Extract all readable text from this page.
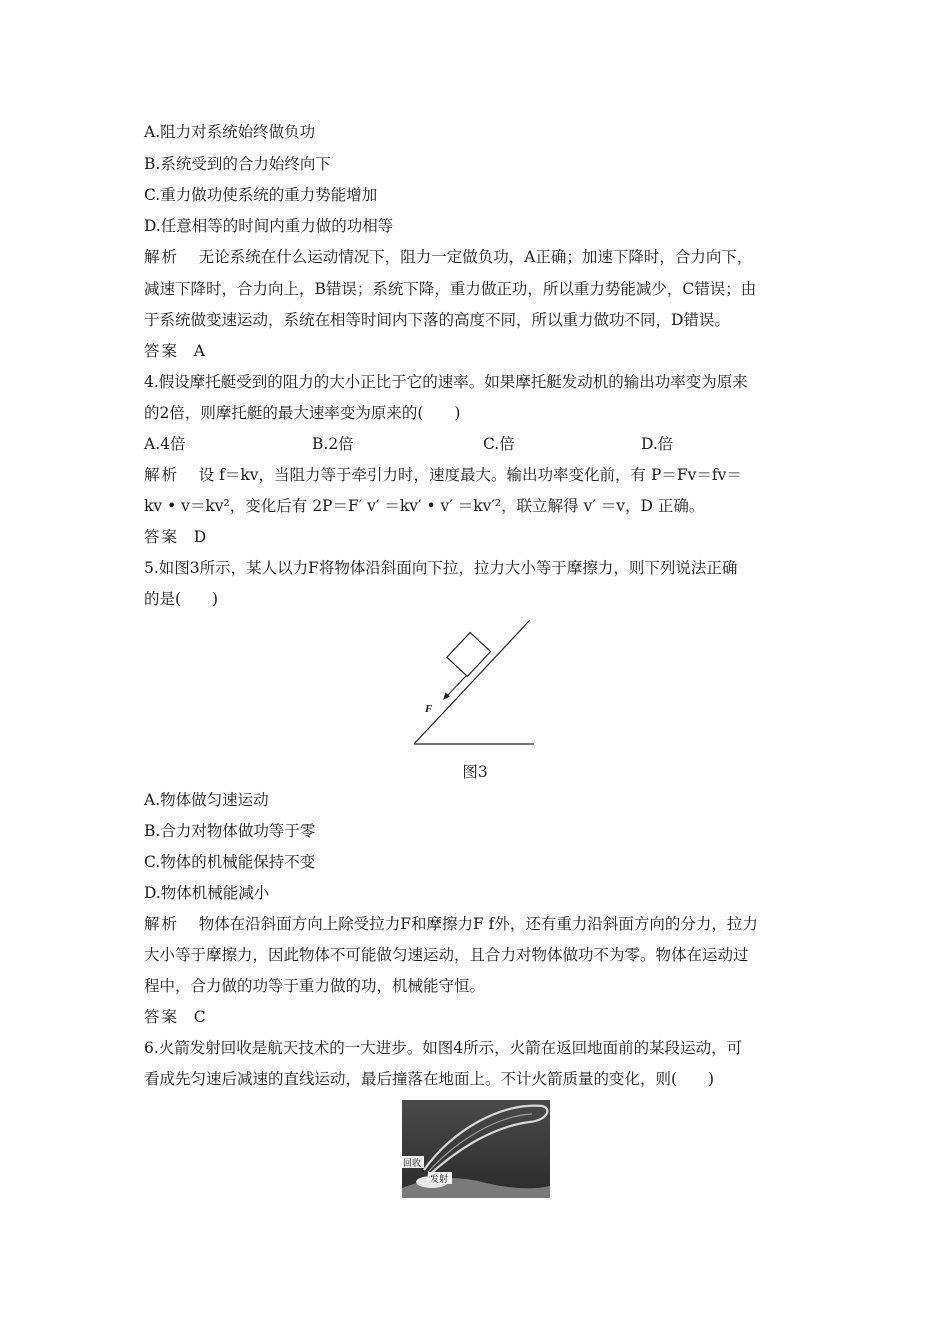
A.阻力对系统始终做负功
B.系统受到的合力始终向下
C.重力做功使系统的重力势能增加
D.任意相等的时间内重力做的功相等
解析 无论系统在什么运动情况下，阻力一定做负功，A正确；加速下降时，合力向下，
减速下降时，合力向上，B错误；系统下降，重力做正功，所以重力势能减少，C错误；由
于系统做变速运动，系统在相等时间内下落的高度不同，所以重力做功不同，D错误。
答案 A
4.假设摩托艇受到的阻力的大小正比于它的速率。如果摩托艇发动机的输出功率变为原来
的2倍，则摩托艇的最大速率变为原来的(　　)
A.4倍	B.2倍	C.倍	D.倍
解析 设 f＝kv，当阻力等于牵引力时，速度最大。输出功率变化前，有 P＝Fv＝fv＝
kv • v＝kv²，变化后有 2P＝F′ v′ ＝kv′ • v′ ＝kv′²，联立解得 v′ ＝v，D 正确。
答案 D
5.如图3所示，某人以力F将物体沿斜面向下拉，拉力大小等于摩擦力，则下列说法正确
的是(　　)
F
图3
A.物体做匀速运动
B.合力对物体做功等于零
C.物体的机械能保持不变
D.物体机械能减小
解析 物体在沿斜面方向上除受拉力F和摩擦力F f外，还有重力沿斜面方向的分力，拉力
大小等于摩擦力，因此物体不可能做匀速运动，且合力对物体做功不为零。物体在运动过
程中，合力做的功等于重力做的功，机械能守恒。
答案 C
6.火箭发射回收是航天技术的一大进步。如图4所示，火箭在返回地面前的某段运动，可
看成先匀速后减速的直线运动，最后撞落在地面上。不计火箭质量的变化，则(　　)
回收
发射
